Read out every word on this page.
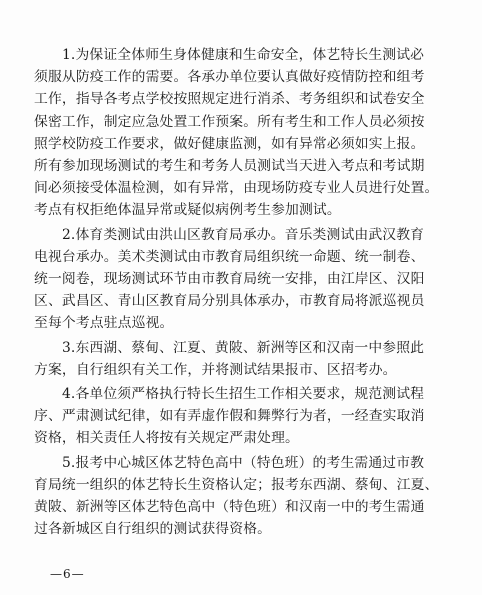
1.为保证全体师生身体健康和生命安全，体艺特长生测试必
须服从防疫工作的需要。各承办单位要认真做好疫情防控和组考
工作，指导各考点学校按照规定进行消杀、考务组织和试卷安全
保密工作，制定应急处置工作预案。所有考生和工作人员必须按
照学校防疫工作要求，做好健康监测，如有异常必须如实上报。
所有参加现场测试的考生和考务人员测试当天进入考点和考试期
间必须接受体温检测，如有异常，由现场防疫专业人员进行处置。
考点有权拒绝体温异常或疑似病例考生参加测试。
2.体育类测试由洪山区教育局承办。音乐类测试由武汉教育
电视台承办。美术类测试由市教育局组织统一命题、统一制卷、
统一阅卷，现场测试环节由市教育局统一安排，由江岸区、汉阳
区、武昌区、青山区教育局分别具体承办，市教育局将派巡视员
至每个考点驻点巡视。
3.东西湖、蔡甸、江夏、黄陂、新洲等区和汉南一中参照此
方案，自行组织有关工作，并将测试结果报市、区招考办。
4.各单位须严格执行特长生招生工作相关要求，规范测试程
序、严肃测试纪律，如有弄虚作假和舞弊行为者，一经查实取消
资格，相关责任人将按有关规定严肃处理。
5.报考中心城区体艺特色高中（特色班）的考生需通过市教
育局统一组织的体艺特长生资格认定；报考东西湖、蔡甸、江夏、
黄陂、新洲等区体艺特色高中（特色班）和汉南一中的考生需通
过各新城区自行组织的测试获得资格。
—6—
